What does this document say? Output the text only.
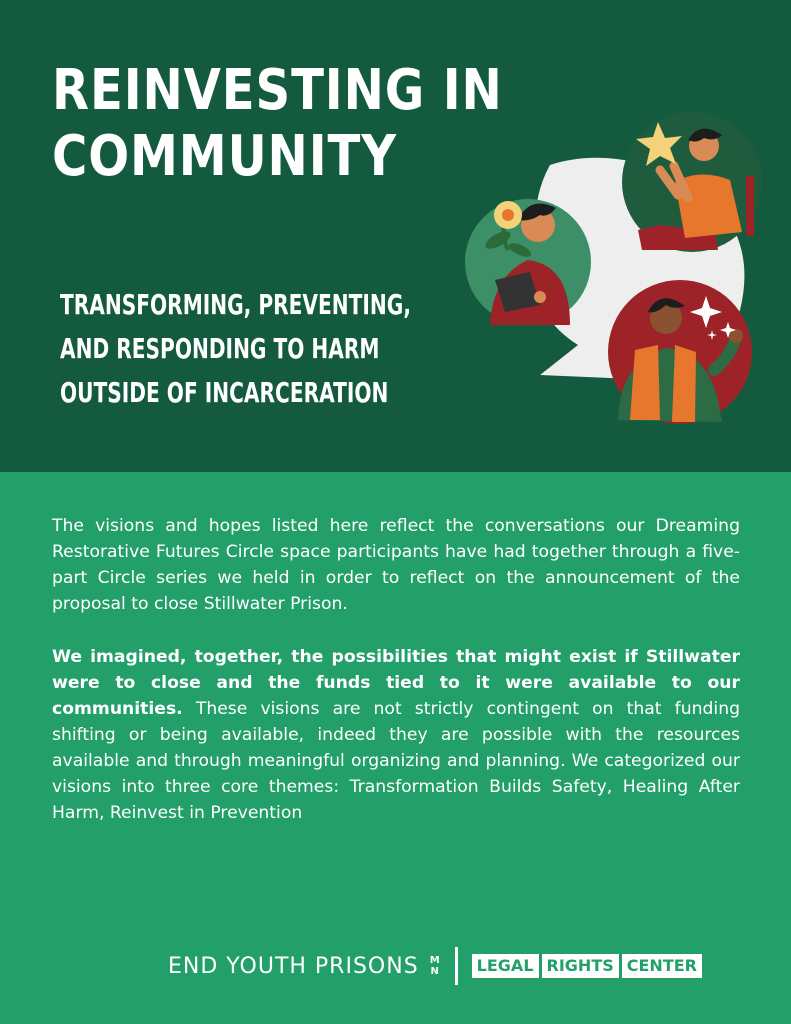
REINVESTING IN
COMMUNITY
TRANSFORMING, PREVENTING,
AND RESPONDING TO HARM
OUTSIDE OF INCARCERATION

The visions and hopes listed here reflect the conversations our Dreaming Restorative Futures Circle space participants have had together through a five-part Circle series we held in order to reflect on the announcement of the proposal to close Stillwater Prison.

We imagined, together, the possibilities that might exist if Stillwater were to close and the funds tied to it were available to our communities. These visions are not strictly contingent on that funding shifting or being available, indeed they are possible with the resources available and through meaningful organizing and planning. We categorized our visions into three core themes: Transformation Builds Safety, Healing After Harm, Reinvest in Prevention

END YOUTH PRISONS M
N	LEGAL RIGHTS CENTER
